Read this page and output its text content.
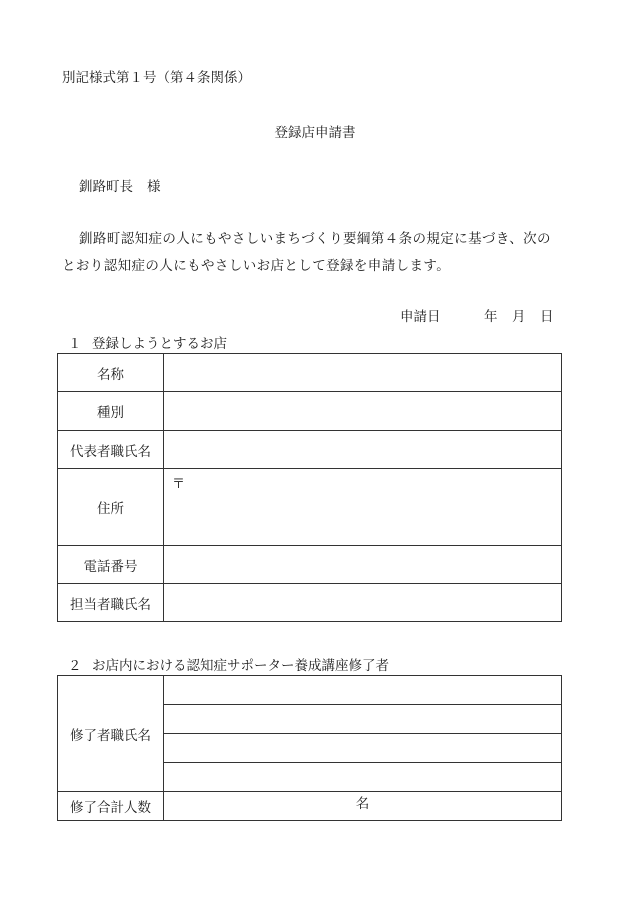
別記様式第１号（第４条関係）
登録店申請書
釧路町長 様
釧路町認知症の人にもやさしいまちづくり要綱第４条の規定に基づき、次の
とおり認知症の人にもやさしいお店として登録を申請します。
申請日	年 月 日
１ 登録しようとするお店
名称	
種別	
代表者職氏名	
住所	〒

電話番号	
担当者職氏名	
２ お店内における認知症サポーター養成講座修了者
修了者職氏名	

修了合計人数	名
